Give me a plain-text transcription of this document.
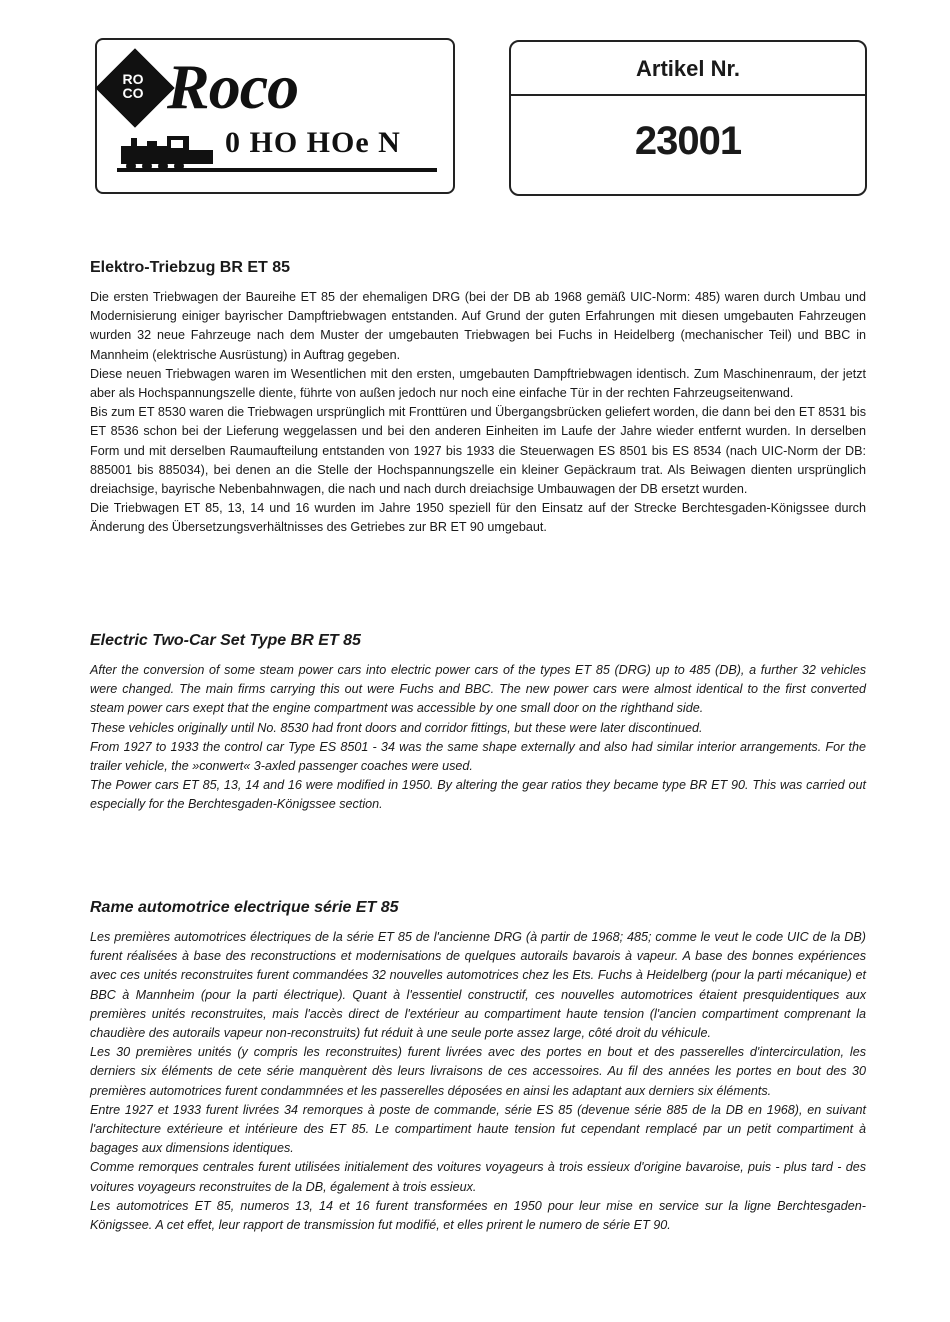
RO
CO Roco
0 HO HOe N
Artikel Nr.
23001
Elektro-Triebzug BR ET 85

Die ersten Triebwagen der Baureihe ET 85 der ehemaligen DRG (bei der DB ab 1968 gemäß UIC-Norm: 485) waren durch Umbau und Modernisierung einiger bayrischer Dampftriebwagen entstanden. Auf Grund der guten Erfahrungen mit diesen umgebauten Fahrzeugen wurden 32 neue Fahrzeuge nach dem Muster der umgebauten Triebwagen bei Fuchs in Heidelberg (mechanischer Teil) und BBC in Mannheim (elektrische Ausrüstung) in Auftrag gegeben.

Diese neuen Triebwagen waren im Wesentlichen mit den ersten, umgebauten Dampftriebwagen identisch. Zum Maschinenraum, der jetzt aber als Hochspannungszelle diente, führte von außen jedoch nur noch eine einfache Tür in der rechten Fahrzeugseitenwand.

Bis zum ET 8530 waren die Triebwagen ursprünglich mit Fronttüren und Übergangsbrücken geliefert worden, die dann bei den ET 8531 bis ET 8536 schon bei der Lieferung weggelassen und bei den anderen Einheiten im Laufe der Jahre wieder entfernt wurden. In derselben Form und mit derselben Raumaufteilung entstanden von 1927 bis 1933 die Steuerwagen ES 8501 bis ES 8534 (nach UIC-Norm der DB: 885001 bis 885034), bei denen an die Stelle der Hochspannungszelle ein kleiner Gepäckraum trat. Als Beiwagen dienten ursprünglich dreiachsige, bayrische Nebenbahnwagen, die nach und nach durch dreiachsige Umbauwagen der DB ersetzt wurden.

Die Triebwagen ET 85, 13, 14 und 16 wurden im Jahre 1950 speziell für den Einsatz auf der Strecke Berchtesgaden-Königssee durch Änderung des Übersetzungsverhältnisses des Getriebes zur BR ET 90 umgebaut.

Electric Two-Car Set Type BR ET 85

After the conversion of some steam power cars into electric power cars of the types ET 85 (DRG) up to 485 (DB), a further 32 vehicles were changed. The main firms carrying this out were Fuchs and BBC. The new power cars were almost identical to the first converted steam power cars exept that the engine compartment was accessible by one small door on the righthand side.

These vehicles originally until No. 8530 had front doors and corridor fittings, but these were later discontinued.

From 1927 to 1933 the control car Type ES 8501 - 34 was the same shape externally and also had similar interior arrangements. For the trailer vehicle, the »conwert« 3-axled passenger coaches were used.

The Power cars ET 85, 13, 14 and 16 were modified in 1950. By altering the gear ratios they became type BR ET 90. This was carried out especially for the Berchtesgaden-Königssee section.

Rame automotrice electrique série ET 85

Les premières automotrices électriques de la série ET 85 de l'ancienne DRG (à partir de 1968; 485; comme le veut le code UIC de la DB) furent réalisées à base des reconstructions et modernisations de quelques autorails bavarois à vapeur. A base des bonnes expériences avec ces unités reconstruites furent commandées 32 nouvelles automotrices chez les Ets. Fuchs à Heidelberg (pour la parti mécanique) et BBC à Mannheim (pour la parti électrique). Quant à l'essentiel constructif, ces nouvelles automotrices étaient presquidentiques aux premières unités reconstruites, mais l'accès direct de l'extérieur au compartiment haute tension (l'ancien compartiment comprenant la chaudière des autorails vapeur non-reconstruits) fut réduit à une seule porte assez large, côté droit du véhicule.

Les 30 premières unités (y compris les reconstruites) furent livrées avec des portes en bout et des passerelles d'intercirculation, les derniers six éléments de cete série manquèrent dès leurs livraisons de ces accessoires. Au fil des années les portes en bout des 30 premières automotrices furent condammnées et les passerelles déposées en ainsi les adaptant aux derniers six éléments.

Entre 1927 et 1933 furent livrées 34 remorques à poste de commande, série ES 85 (devenue série 885 de la DB en 1968), en suivant l'architecture extérieure et intérieure des ET 85. Le compartiment haute tension fut cependant remplacé par un petit compartiment à bagages aux dimensions identiques.

Comme remorques centrales furent utilisées initialement des voitures voyageurs à trois essieux d'origine bavaroise, puis - plus tard - des voitures voyageurs reconstruites de la DB, également à trois essieux.

Les automotrices ET 85, numeros 13, 14 et 16 furent transformées en 1950 pour leur mise en service sur la ligne Berchtesgaden-Königssee. A cet effet, leur rapport de transmission fut modifié, et elles prirent le numero de série ET 90.
